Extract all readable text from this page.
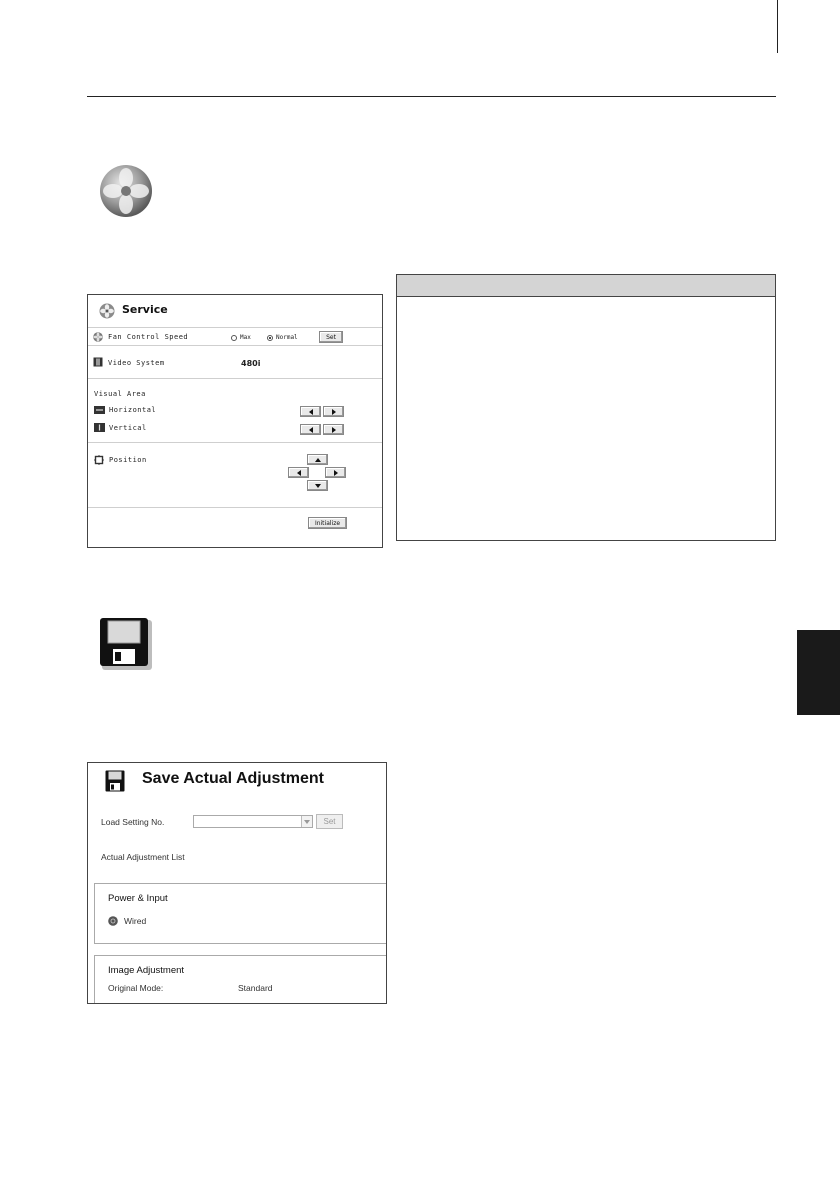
Service
Fan Control Speed	Max	Normal	Set
Video System	480i
Visual Area
Horizontal
Vertical
Position
Initialize
Save Actual Adjustment
Load Setting No.	Set
Actual Adjustment List
Power & Input
Wired
Image Adjustment
Original Mode:	Standard
